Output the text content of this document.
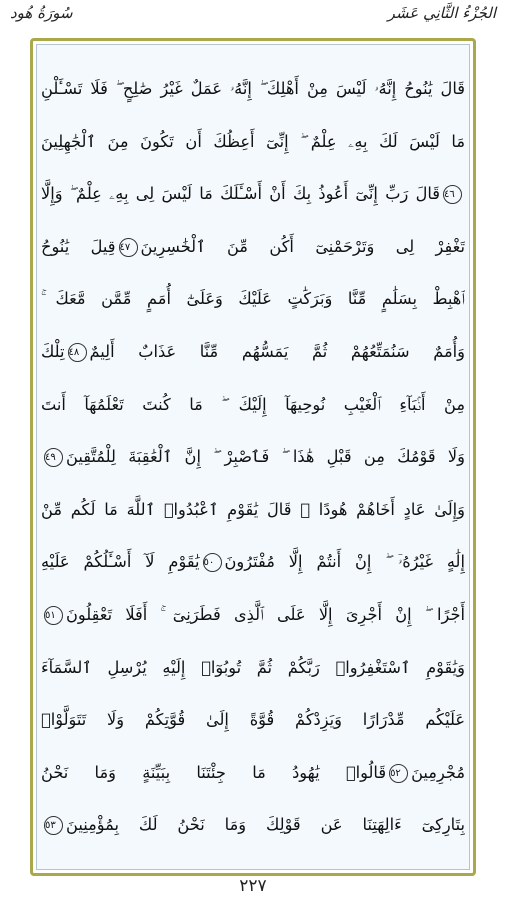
سُورَةُ هُود	الجُزْءُ الثَّانِي عَشَر
قَالَ يَٰنُوحُ إِنَّهُۥ لَيْسَ مِنْ أَهْلِكَ ۖ إِنَّهُۥ عَمَلٌ غَيْرُ صَٰلِحٍ ۖ فَلَا تَسْـَٔلْنِ
مَا لَيْسَ لَكَ بِهِۦ عِلْمٌ ۖ إِنِّىٓ أَعِظُكَ أَن تَكُونَ مِنَ ٱلْجَٰهِلِينَ
٤٦قَالَ رَبِّ إِنِّىٓ أَعُوذُ بِكَ أَنْ أَسْـَٔلَكَ مَا لَيْسَ لِى بِهِۦ عِلْمٌ ۖ وَإِلَّا
تَغْفِرْ لِى وَتَرْحَمْنِىٓ أَكُن مِّنَ ٱلْخَٰسِرِينَ٤٧قِيلَ يَٰنُوحُ
ٱهْبِطْ بِسَلَٰمٍ مِّنَّا وَبَرَكَٰتٍ عَلَيْكَ وَعَلَىٰٓ أُمَمٍ مِّمَّن مَّعَكَ ۚ
وَأُمَمٌ سَنُمَتِّعُهُمْ ثُمَّ يَمَسُّهُم مِّنَّا عَذَابٌ أَلِيمٌ٤٨تِلْكَ
مِنْ أَنۢبَآءِ ٱلْغَيْبِ نُوحِيهَآ إِلَيْكَ ۖ مَا كُنتَ تَعْلَمُهَآ أَنتَ
وَلَا قَوْمُكَ مِن قَبْلِ هَٰذَا ۖ فَٱصْبِرْ ۖ إِنَّ ٱلْعَٰقِبَةَ لِلْمُتَّقِينَ٤٩
وَإِلَىٰ عَادٍ أَخَاهُمْ هُودًا ۚ قَالَ يَٰقَوْمِ ٱعْبُدُوا۟ ٱللَّهَ مَا لَكُم مِّنْ
إِلَٰهٍ غَيْرُهُۥٓ ۖ إِنْ أَنتُمْ إِلَّا مُفْتَرُونَ٥٠يَٰقَوْمِ لَآ أَسْـَٔلُكُمْ عَلَيْهِ
أَجْرًا ۖ إِنْ أَجْرِىَ إِلَّا عَلَى ٱلَّذِى فَطَرَنِىٓ ۚ أَفَلَا تَعْقِلُونَ٥١
وَيَٰقَوْمِ ٱسْتَغْفِرُوا۟ رَبَّكُمْ ثُمَّ تُوبُوٓا۟ إِلَيْهِ يُرْسِلِ ٱلسَّمَآءَ
عَلَيْكُم مِّدْرَارًا وَيَزِدْكُمْ قُوَّةً إِلَىٰ قُوَّتِكُمْ وَلَا تَتَوَلَّوْا۟
مُجْرِمِينَ٥٢قَالُوا۟ يَٰهُودُ مَا جِئْتَنَا بِبَيِّنَةٍ وَمَا نَحْنُ
بِتَارِكِىٓ ءَالِهَتِنَا عَن قَوْلِكَ وَمَا نَحْنُ لَكَ بِمُؤْمِنِينَ٥٣
٢٢٧
